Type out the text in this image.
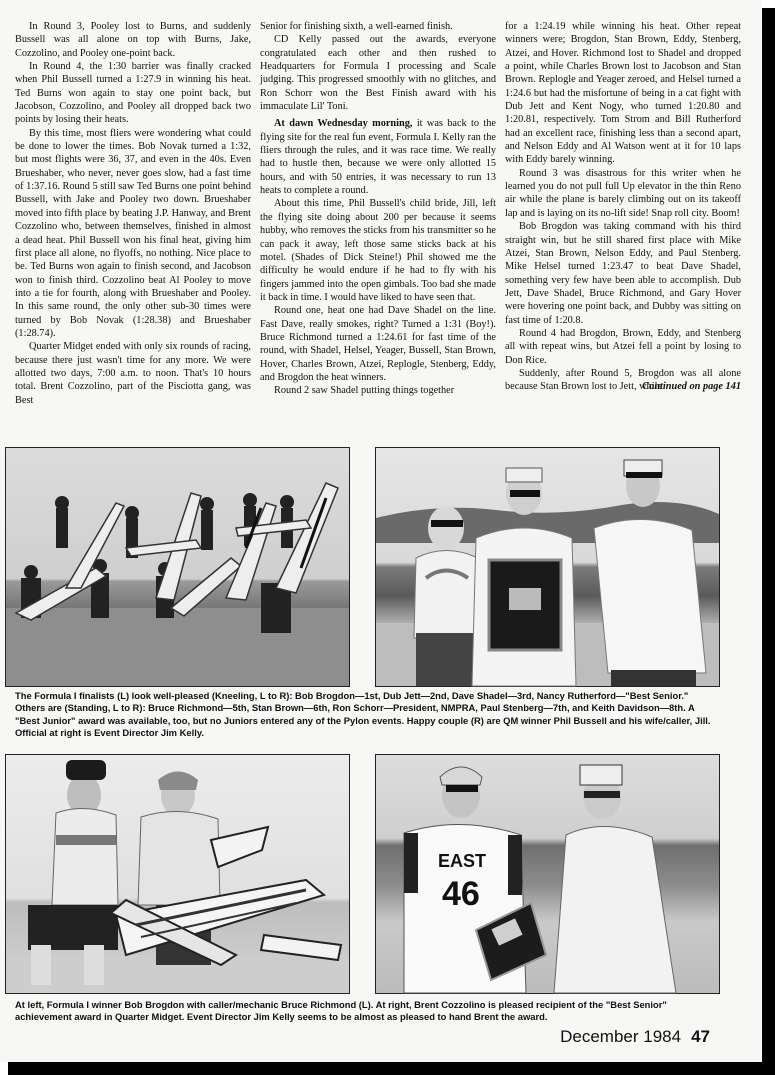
In Round 3, Pooley lost to Burns, and suddenly Bussell was all alone on top with Burns, Jake, Cozzolino, and Pooley one-point back.

In Round 4, the 1:30 barrier was finally cracked when Phil Bussell turned a 1:27.9 in winning his heat. Ted Burns won again to stay one point back, but Jacobson, Cozzolino, and Pooley all dropped back two points by losing their heats.

By this time, most fliers were wondering what could be done to lower the times. Bob Novak turned a 1:32, but most flights were 36, 37, and even in the 40s. Even Brueshaber, who never, never goes slow, had a fast time of 1:37.16. Round 5 still saw Ted Burns one point behind Bussell, with Jake and Pooley two down. Brueshaber moved into fifth place by beating J.P. Hanway, and Brent Cozzolino who, between themselves, finished in almost a dead heat. Phil Bussell won his final heat, giving him first place all alone, no flyoffs, no nothing. Nice place to be. Ted Burns won again to finish second, and Jacobson won to finish third. Cozzolino beat Al Pooley to move into a tie for fourth, along with Brueshaber and Pooley. In this same round, the only other sub-30 times were turned by Bob Novak (1:28.38) and Brueshaber (1:28.74).

Quarter Midget ended with only six rounds of racing, because there just wasn't time for any more. We were allotted two days, 7:00 a.m. to noon. That's 10 hours total. Brent Cozzolino, part of the Pisciotta gang, was Best

Senior for finishing sixth, a well-earned finish.

CD Kelly passed out the awards, everyone congratulated each other and then rushed to Headquarters for Formula I processing and Scale judging. This progressed smoothly with no glitches, and Ron Schorr won the Best Finish award with his immaculate Lil' Toni.

At dawn Wednesday morning, it was back to the flying site for the real fun event, Formula I. Kelly ran the fliers through the rules, and it was race time. We really had to hustle then, because we were only allotted 15 hours, and with 50 entries, it was necessary to run 13 heats to complete a round.

About this time, Phil Bussell's child bride, Jill, left the flying site doing about 200 per because it seems hubby, who removes the sticks from his transmitter so he can pack it away, left those same sticks back at his motel. (Shades of Dick Steine!) Phil showed me the difficulty he would endure if he had to fly with his fingers jammed into the open gimbals. Too bad she made it back in time. I would have liked to have seen that.

Round one, heat one had Dave Shadel on the line. Fast Dave, really smokes, right? Turned a 1:31 (Boy!). Bruce Richmond turned a 1:24.61 for fast time of the round, with Shadel, Helsel, Yeager, Bussell, Stan Brown, Hover, Charles Brown, Atzei, Replogle, Stenberg, Eddy, and Brogdon the heat winners.

Round 2 saw Shadel putting things together

for a 1:24.19 while winning his heat. Other repeat winners were; Brogdon, Stan Brown, Eddy, Stenberg, Atzei, and Hover. Richmond lost to Shadel and dropped a point, while Charles Brown lost to Jacobson and Stan Brown. Replogle and Yeager zeroed, and Helsel turned a 1:24.6 but had the misfortune of being in a cat fight with Dub Jett and Kent Nogy, who turned 1:20.80 and 1:20.81, respectively. Tom Strom and Bill Rutherford had an excellent race, finishing less than a second apart, and Nelson Eddy and Al Watson went at it for 10 laps with Eddy barely winning.

Round 3 was disastrous for this writer when he learned you do not pull full Up elevator in the thin Reno air while the plane is barely climbing out on its takeoff lap and is laying on its no-lift side! Snap roll city. Boom!

Bob Brogdon was taking command with his third straight win, but he still shared first place with Mike Atzei, Stan Brown, Nelson Eddy, and Paul Stenberg. Mike Helsel turned 1:23.47 to beat Dave Shadel, something very few have been able to accomplish. Dub Jett, Dave Shadel, Bruce Richmond, and Gary Hover were hovering one point back, and Dubby was sitting on fast time of 1:20.8.

Round 4 had Brogdon, Brown, Eddy, and Stenberg all with repeat wins, but Atzei fell a point by losing to Don Rice.

Suddenly, after Round 5, Brogdon was all alone because Stan Brown lost to Jett, while

Continued on page 141

The Formula I finalists (L) look well-pleased (Kneeling, L to R): Bob Brogdon—1st, Dub Jett—2nd, Dave Shadel—3rd, Nancy Rutherford—"Best Senior." Others are (Standing, L to R): Bruce Richmond—5th, Stan Brown—6th, Ron Schorr—President, NMPRA, Paul Stenberg—7th, and Keith Davidson—8th. A "Best Junior" award was available, too, but no Juniors entered any of the Pylon events. Happy couple (R) are QM winner Phil Bussell and his wife/caller, Jill. Official at right is Event Director Jim Kelly.
EAST
46
At left, Formula I winner Bob Brogdon with caller/mechanic Bruce Richmond (L). At right, Brent Cozzolino is pleased recipient of the "Best Senior" achievement award in Quarter Midget. Event Director Jim Kelly seems to be almost as pleased to hand Brent the award.
December 1984 47
